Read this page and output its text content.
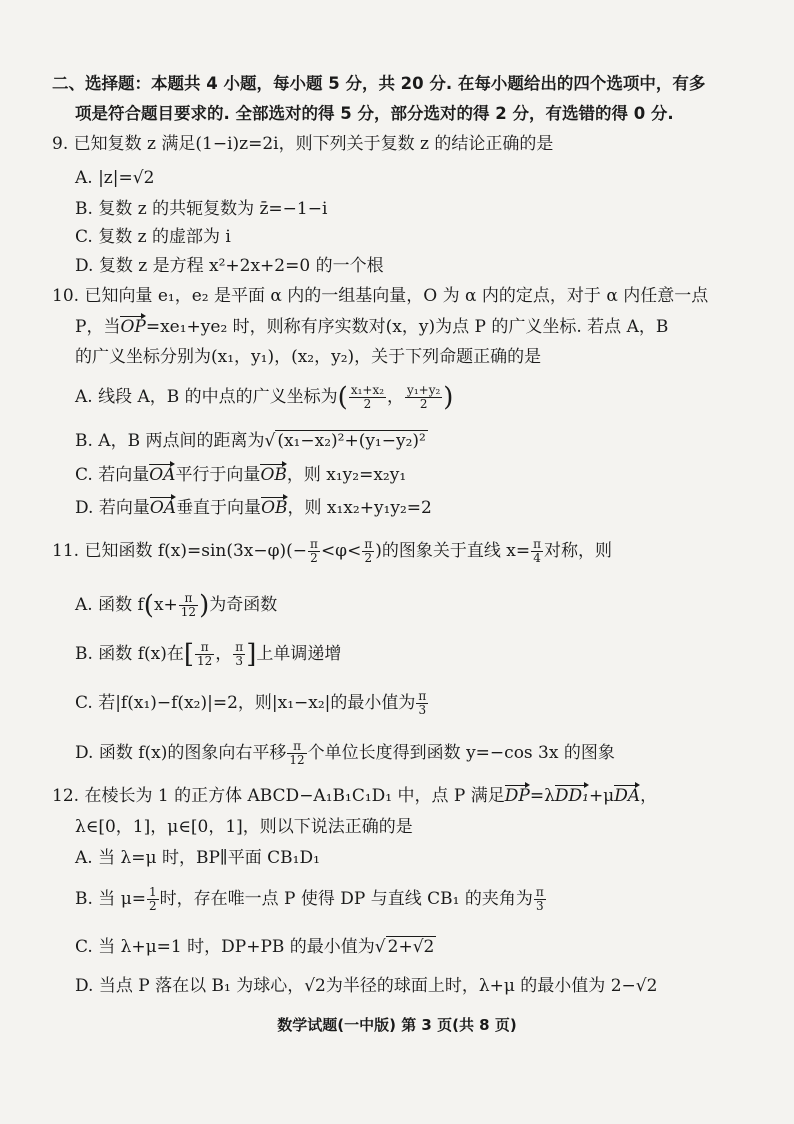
二、选择题：本题共 4 小题，每小题 5 分，共 20 分. 在每小题给出的四个选项中，有多
项是符合题目要求的. 全部选对的得 5 分，部分选对的得 2 分，有选错的得 0 分.
9. 已知复数 z 满足(1−i)z=2i，则下列关于复数 z 的结论正确的是
A. |z|=√2
B. 复数 z 的共轭复数为 z̄=−1−i
C. 复数 z 的虚部为 i
D. 复数 z 是方程 x²+2x+2=0 的一个根
10. 已知向量 e₁，e₂ 是平面 α 内的一组基向量，O 为 α 内的定点，对于 α 内任意一点
P，当OP=xe₁+ye₂ 时，则称有序实数对(x，y)为点 P 的广义坐标. 若点 A，B
的广义坐标分别为(x₁，y₁)，(x₂，y₂)，关于下列命题正确的是
A. 线段 A，B 的中点的广义坐标为( $\frac{\text{x₁+x₂}}{2}$ ， $\frac{\text{y₁+y₂}}{2}$ )
B. A，B 两点间的距离为√ (x₁−x₂)²+(y₁−y₂)²
C. 若向量OA平行于向量OB，则 x₁y₂=x₂y₁
D. 若向量OA垂直于向量OB，则 x₁x₂+y₁y₂=2
11. 已知函数 $f(x)=\sin(3x-\varphi)(- \frac{\pi}{2} <\varphi< \frac{\pi}{2}$ )的图象关于直线 $x= \frac{\pi}{4}$ 对称，则
A. 函数 $f(x+ \frac{\pi}{12}$ )为奇函数
B. 函数 f(x)在[ $\frac{\pi}{12}$ ， $\frac{\pi}{3}$ ]上单调递增
C. 若|f(x₁)−f(x₂)|=2，则|x₁−x₂|的最小值为 $\frac{\pi}{3}$
D. 函数 f(x)的图象向右平移 $\frac{\pi}{12}$ 个单位长度得到函数 y=−cos 3x 的图象
12. 在棱长为 1 的正方体 ABCD−A₁B₁C₁D₁ 中，点 P 满足DP=λDD₁+μDA，
λ∈[0，1]，μ∈[0，1]，则以下说法正确的是
A. 当 λ=μ 时，BP∥平面 CB₁D₁
B. 当 $\mu= \frac{1}{2}$ 时，存在唯一点 P 使得 DP 与直线 CB₁ 的夹角为 $\frac{\pi}{3}$
C. 当 λ+μ=1 时，DP+PB 的最小值为√ 2+√2
D. 当点 P 落在以 B₁ 为球心，√2为半径的球面上时，λ+μ 的最小值为 2−√2
数学试题(一中版) 第 3 页(共 8 页)
